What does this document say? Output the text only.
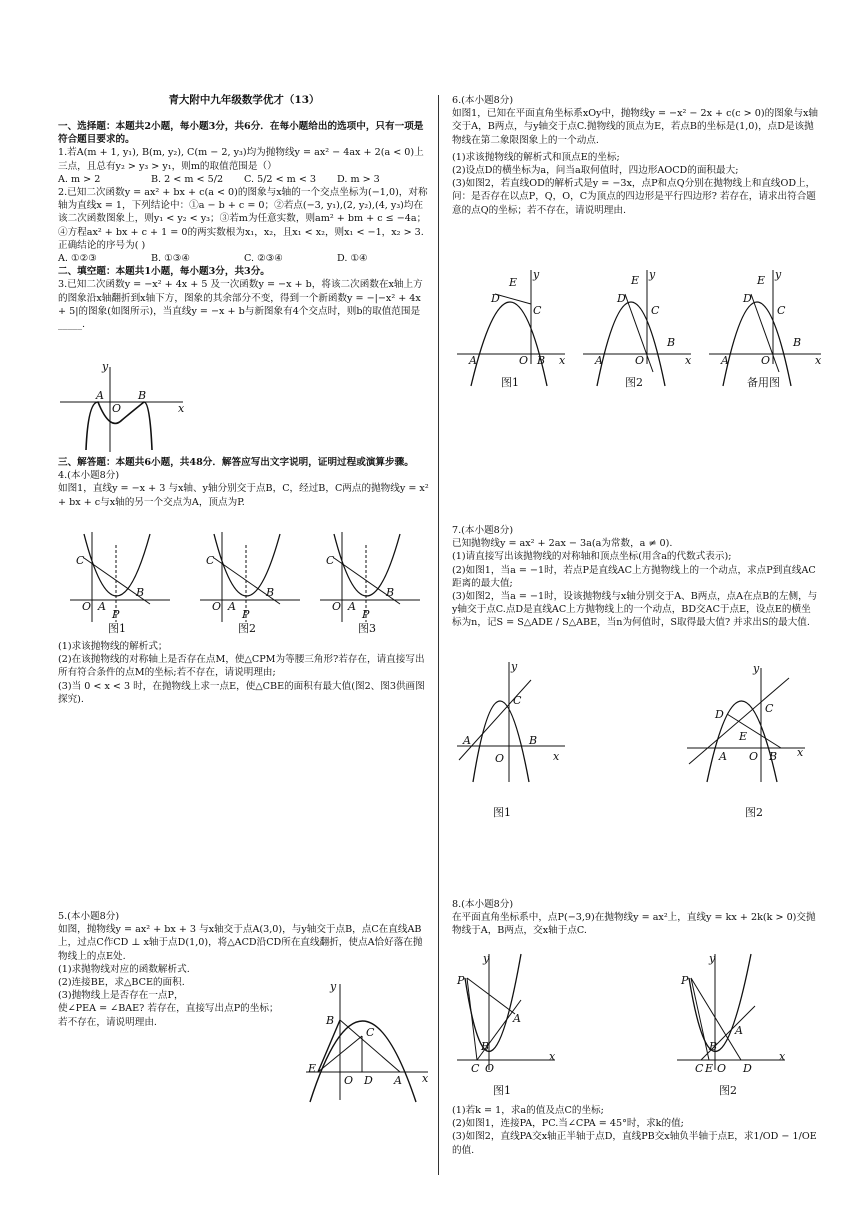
青大附中九年级数学优才（13）

一、选择题：本题共2小题，每小题3分，共6分．在每小题给出的选项中，只有一项是符合题目要求的。

1.若A(m + 1, y₁), B(m, y₂), C(m − 2, y₃)均为抛物线y = ax² − 4ax + 2(a < 0)上三点，且总有y₂ > y₃ > y₁，则m的取值范围是（）

A. m > 2	B. 2 < m < 5/2	C. 5/2 < m < 3	D. m > 3

2.已知二次函数y = ax² + bx + c(a < 0)的图象与x轴的一个交点坐标为(−1,0)，对称轴为直线x = 1，下列结论中：①a − b + c = 0；②若点(−3, y₁),(2, y₂),(4, y₃)均在该二次函数图象上，则y₁ < y₂ < y₃；③若m为任意实数，则am² + bm + c ≤ −4a；④方程ax² + bx + c + 1 = 0的两实数根为x₁，x₂，且x₁ < x₂，则x₁ < −1，x₂ > 3.正确结论的序号为( )

A. ①②③	B. ①③④	C. ②③④	D. ①④

二、填空题：本题共1小题，每小题3分，共3分。

3.已知二次函数y = −x² + 4x + 5 及一次函数y = −x + b，将该二次函数在x轴上方的图象沿x轴翻折到x轴下方，图象的其余部分不变，得到一个新函数y = −|−x² + 4x + 5|的图象(如图所示)，当直线y = −x + b与新图象有4个交点时，则b的取值范围是_____.

y
x
A
O
B

三、解答题：本题共6小题，共48分．解答应写出文字说明，证明过程或演算步骤。

4.(本小题8分)

如图1，直线y = −x + 3 与x轴、y轴分别交于点B，C，经过B，C两点的抛物线y = x² + bx + c与x轴的另一个交点为A，顶点为P.

C
O A
B
P
图1
C
O A
B
P
图2
C
O A
B
P
图3

(1)求该抛物线的解析式；

(2)在该抛物线的对称轴上是否存在点M，使△CPM为等腰三角形?若存在，请直接写出所有符合条件的点M的坐标;若不存在，请说明理由;

(3)当 0 < x < 3 时，在抛物线上求一点E，使△CBE的面积有最大值(图2、图3供画图探究).

5.(本小题8分)

如图，抛物线y = ax² + bx + 3 与x轴交于点A(3,0)，与y轴交于点B，点C在直线AB上，过点C作CD ⊥ x轴于点D(1,0)，将△ACD沿CD所在直线翻折，使点A恰好落在抛物线上的点E处.

(1)求抛物线对应的函数解析式.

(2)连接BE，求△BCE的面积.

(3)抛物线上是否存在一点P，

使∠PEA = ∠BAE? 若存在，直接写出点P的坐标；若不存在，请说明理由.

y
x
B
C
E
O D A

6.(本小题8分)

如图1，已知在平面直角坐标系xOy中，抛物线y = −x² − 2x + c(c > 0)的图象与x轴交于A，B两点，与y轴交于点C.抛物线的顶点为E，若点B的坐标是(1,0)，点D是该抛物线在第二象限图象上的一个动点.

(1)求该抛物线的解析式和顶点E的坐标;

(2)设点D的横坐标为a，问当a取何值时，四边形AOCD的面积最大;

(3)如图2，若直线OD的解析式是y = −3x，点P和点Q分别在抛物线上和直线OD上，问：是否存在以点P，Q，O，C为顶点的四边形是平行四边形? 若存在，请求出符合题意的点Q的坐标；若不存在，请说明理由.

y
x
E
D
C
A	O B
图1
y
x
E
D
C
A	O
B
图2
y
x
E
D
C
A	O
B
备用图

7.(本小题8分)

已知抛物线y = ax² + 2ax − 3a(a为常数，a ≠ 0).

(1)请直接写出该抛物线的对称轴和顶点坐标(用含a的代数式表示);

(2)如图1，当a = −1时，若点P是直线AC上方抛物线上的一个动点，求点P到直线AC距离的最大值;

(3)如图2，当a = −1时，设该抛物线与x轴分别交于A、B两点，点A在点B的左侧，与y轴交于点C.点D是直线AC上方抛物线上的一个动点，BD交AC于点E，设点E的横坐标为n，记S = S△ADE / S△ABE，当n为何值时，S取得最大值? 并求出S的最大值.

y
x
A
C
B
O
图1
y
x
D	C
E
A O B
图2

8.(本小题8分)

在平面直角坐标系中，点P(−3,9)在抛物线y = ax²上，直线y = kx + 2k(k > 0)交抛物线于A，B两点，交x轴于点C.

y
x
P
A
B
C O
图1
y
x
P
A
B
C E O D
图2

(1)若k = 1，求a的值及点C的坐标;

(2)如图1，连接PA，PC.当∠CPA = 45°时，求k的值;

(3)如图2，直线PA交x轴正半轴于点D，直线PB交x轴负半轴于点E，求1/OD − 1/OE的值.
